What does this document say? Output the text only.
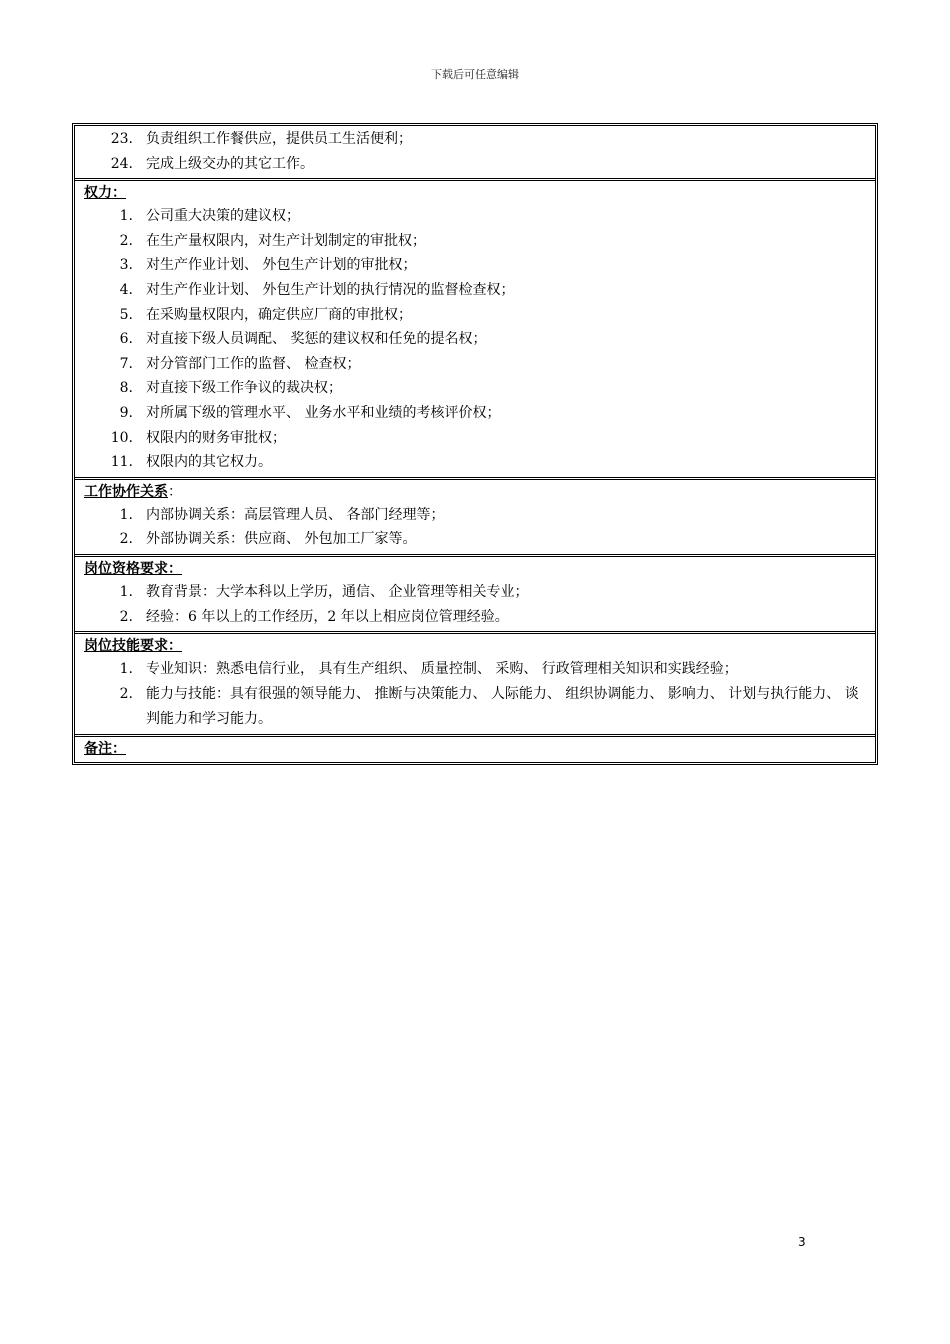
下载后可任意编辑
23. 负责组织工作餐供应，提供员工生活便利；
24. 完成上级交办的其它工作。
权力：
1. 公司重大决策的建议权；
2. 在生产量权限内，对生产计划制定的审批权；
3. 对生产作业计划、 外包生产计划的审批权；
4. 对生产作业计划、 外包生产计划的执行情况的监督检查权；
5. 在采购量权限内，确定供应厂商的审批权；
6. 对直接下级人员调配、 奖惩的建议权和任免的提名权；
7. 对分管部门工作的监督、 检查权；
8. 对直接下级工作争议的裁决权；
9. 对所属下级的管理水平、 业务水平和业绩的考核评价权；
10. 权限内的财务审批权；
11. 权限内的其它权力。
工作协作关系：
1. 内部协调关系：高层管理人员、 各部门经理等；
2. 外部协调关系：供应商、 外包加工厂家等。
岗位资格要求：
1. 教育背景：大学本科以上学历，通信、 企业管理等相关专业；
2. 经验：6 年以上的工作经历，2 年以上相应岗位管理经验。
岗位技能要求：
1. 专业知识：熟悉电信行业， 具有生产组织、 质量控制、 采购、 行政管理相关知识和实践经验；
2. 能力与技能：具有很强的领导能力、 推断与决策能力、 人际能力、 组织协调能力、 影响力、 计划与执行能力、 谈判能力和学习能力。
备注：
3
